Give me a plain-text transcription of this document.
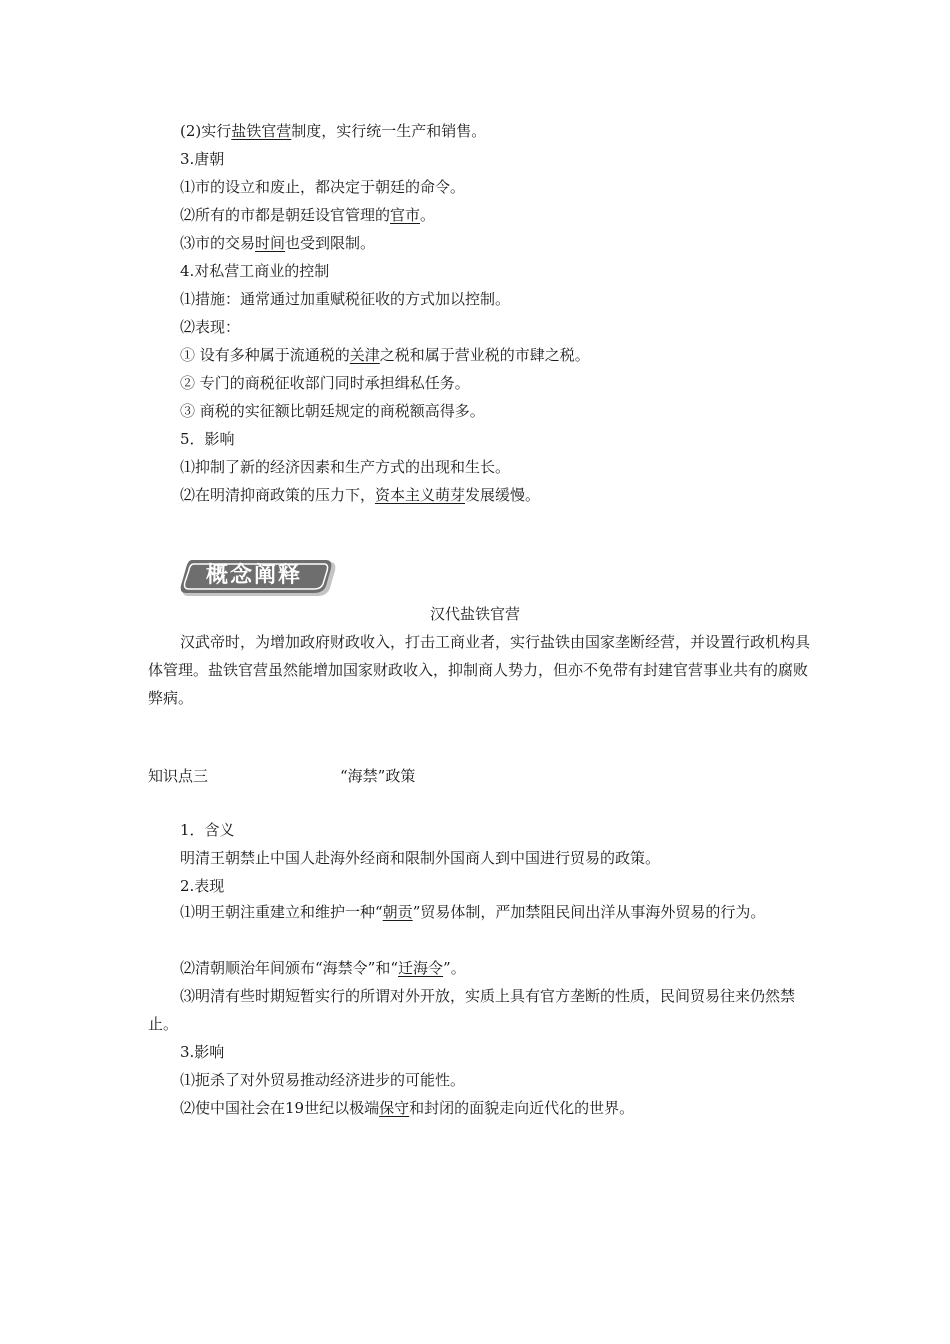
(2)实行盐铁官营制度，实行统一生产和销售。
3.唐朝
⑴市的设立和废止，都决定于朝廷的命令。
⑵所有的市都是朝廷设官管理的官市。
⑶市的交易时间也受到限制。
4.对私营工商业的控制
⑴措施：通常通过加重赋税征收的方式加以控制。
⑵表现：
① 设有多种属于流通税的关津之税和属于营业税的市肆之税。
② 专门的商税征收部门同时承担缉私任务。
③ 商税的实征额比朝廷规定的商税额高得多。
5．影响
⑴抑制了新的经济因素和生产方式的出现和生长。
⑵在明清抑商政策的压力下，资本主义萌芽发展缓慢。
概念阐释
汉代盐铁官营
汉武帝时，为增加政府财政收入，打击工商业者，实行盐铁由国家垄断经营，并设置行政机构具体管理。盐铁官营虽然能增加国家财政收入，抑制商人势力，但亦不免带有封建官营事业共有的腐败弊病。
知识点三	“海禁”政策
1．含义
明清王朝禁止中国人赴海外经商和限制外国商人到中国进行贸易的政策。
2.表现
⑴明王朝注重建立和维护一种“朝贡”贸易体制，严加禁阻民间出洋从事海外贸易的行为。
⑵清朝顺治年间颁布“海禁令”和“迁海令”。
⑶明清有些时期短暂实行的所谓对外开放，实质上具有官方垄断的性质，民间贸易往来仍然禁止。
3.影响
⑴扼杀了对外贸易推动经济进步的可能性。
⑵使中国社会在19世纪以极端保守和封闭的面貌走向近代化的世界。
